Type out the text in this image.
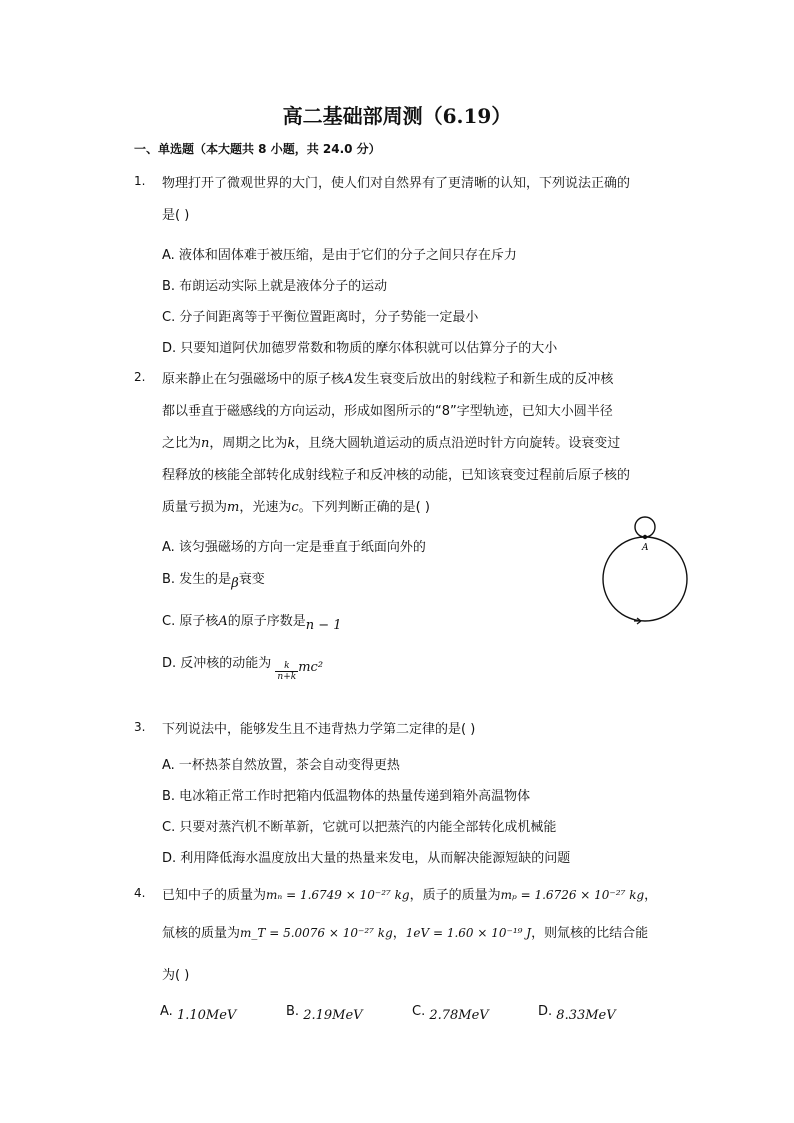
高二基础部周测（6.19）
一、单选题（本大题共 8 小题，共 24.0 分）
1.	物理打开了微观世界的大门，使人们对自然界有了更清晰的认知，下列说法正确的
是( )
A. 液体和固体难于被压缩，是由于它们的分子之间只存在斥力
B. 布朗运动实际上就是液体分子的运动
C. 分子间距离等于平衡位置距离时，分子势能一定最小
D. 只要知道阿伏加德罗常数和物质的摩尔体积就可以估算分子的大小
2.	原来静止在匀强磁场中的原子核A发生衰变后放出的射线粒子和新生成的反冲核
都以垂直于磁感线的方向运动，形成如图所示的“8”字型轨迹，已知大小圆半径
之比为n，周期之比为k，且绕大圆轨道运动的质点沿逆时针方向旋转。设衰变过
程释放的核能全部转化成射线粒子和反冲核的动能，已知该衰变过程前后原子核的
质量亏损为m，光速为c。下列判断正确的是( )
A. 该匀强磁场的方向一定是垂直于纸面向外的
B. 发生的是β衰变
C. 原子核A的原子序数是n − 1
D. 反冲核的动能为 $\frac{k}{n+k} mc^2$
A
3.	下列说法中，能够发生且不违背热力学第二定律的是( )
A. 一杯热茶自然放置，茶会自动变得更热
B. 电冰箱正常工作时把箱内低温物体的热量传递到箱外高温物体
C. 只要对蒸汽机不断革新，它就可以把蒸汽的内能全部转化成机械能
D. 利用降低海水温度放出大量的热量来发电，从而解决能源短缺的问题
4.	已知中子的质量为mₙ = 1.6749 × 10⁻²⁷ kg，质子的质量为mₚ = 1.6726 × 10⁻²⁷ kg，
氚核的质量为m_T = 5.0076 × 10⁻²⁷ kg，1eV = 1.60 × 10⁻¹⁹ J，则氚核的比结合能
为( )
A. 1.10MeV	B. 2.19MeV	C. 2.78MeV	D. 8.33MeV
